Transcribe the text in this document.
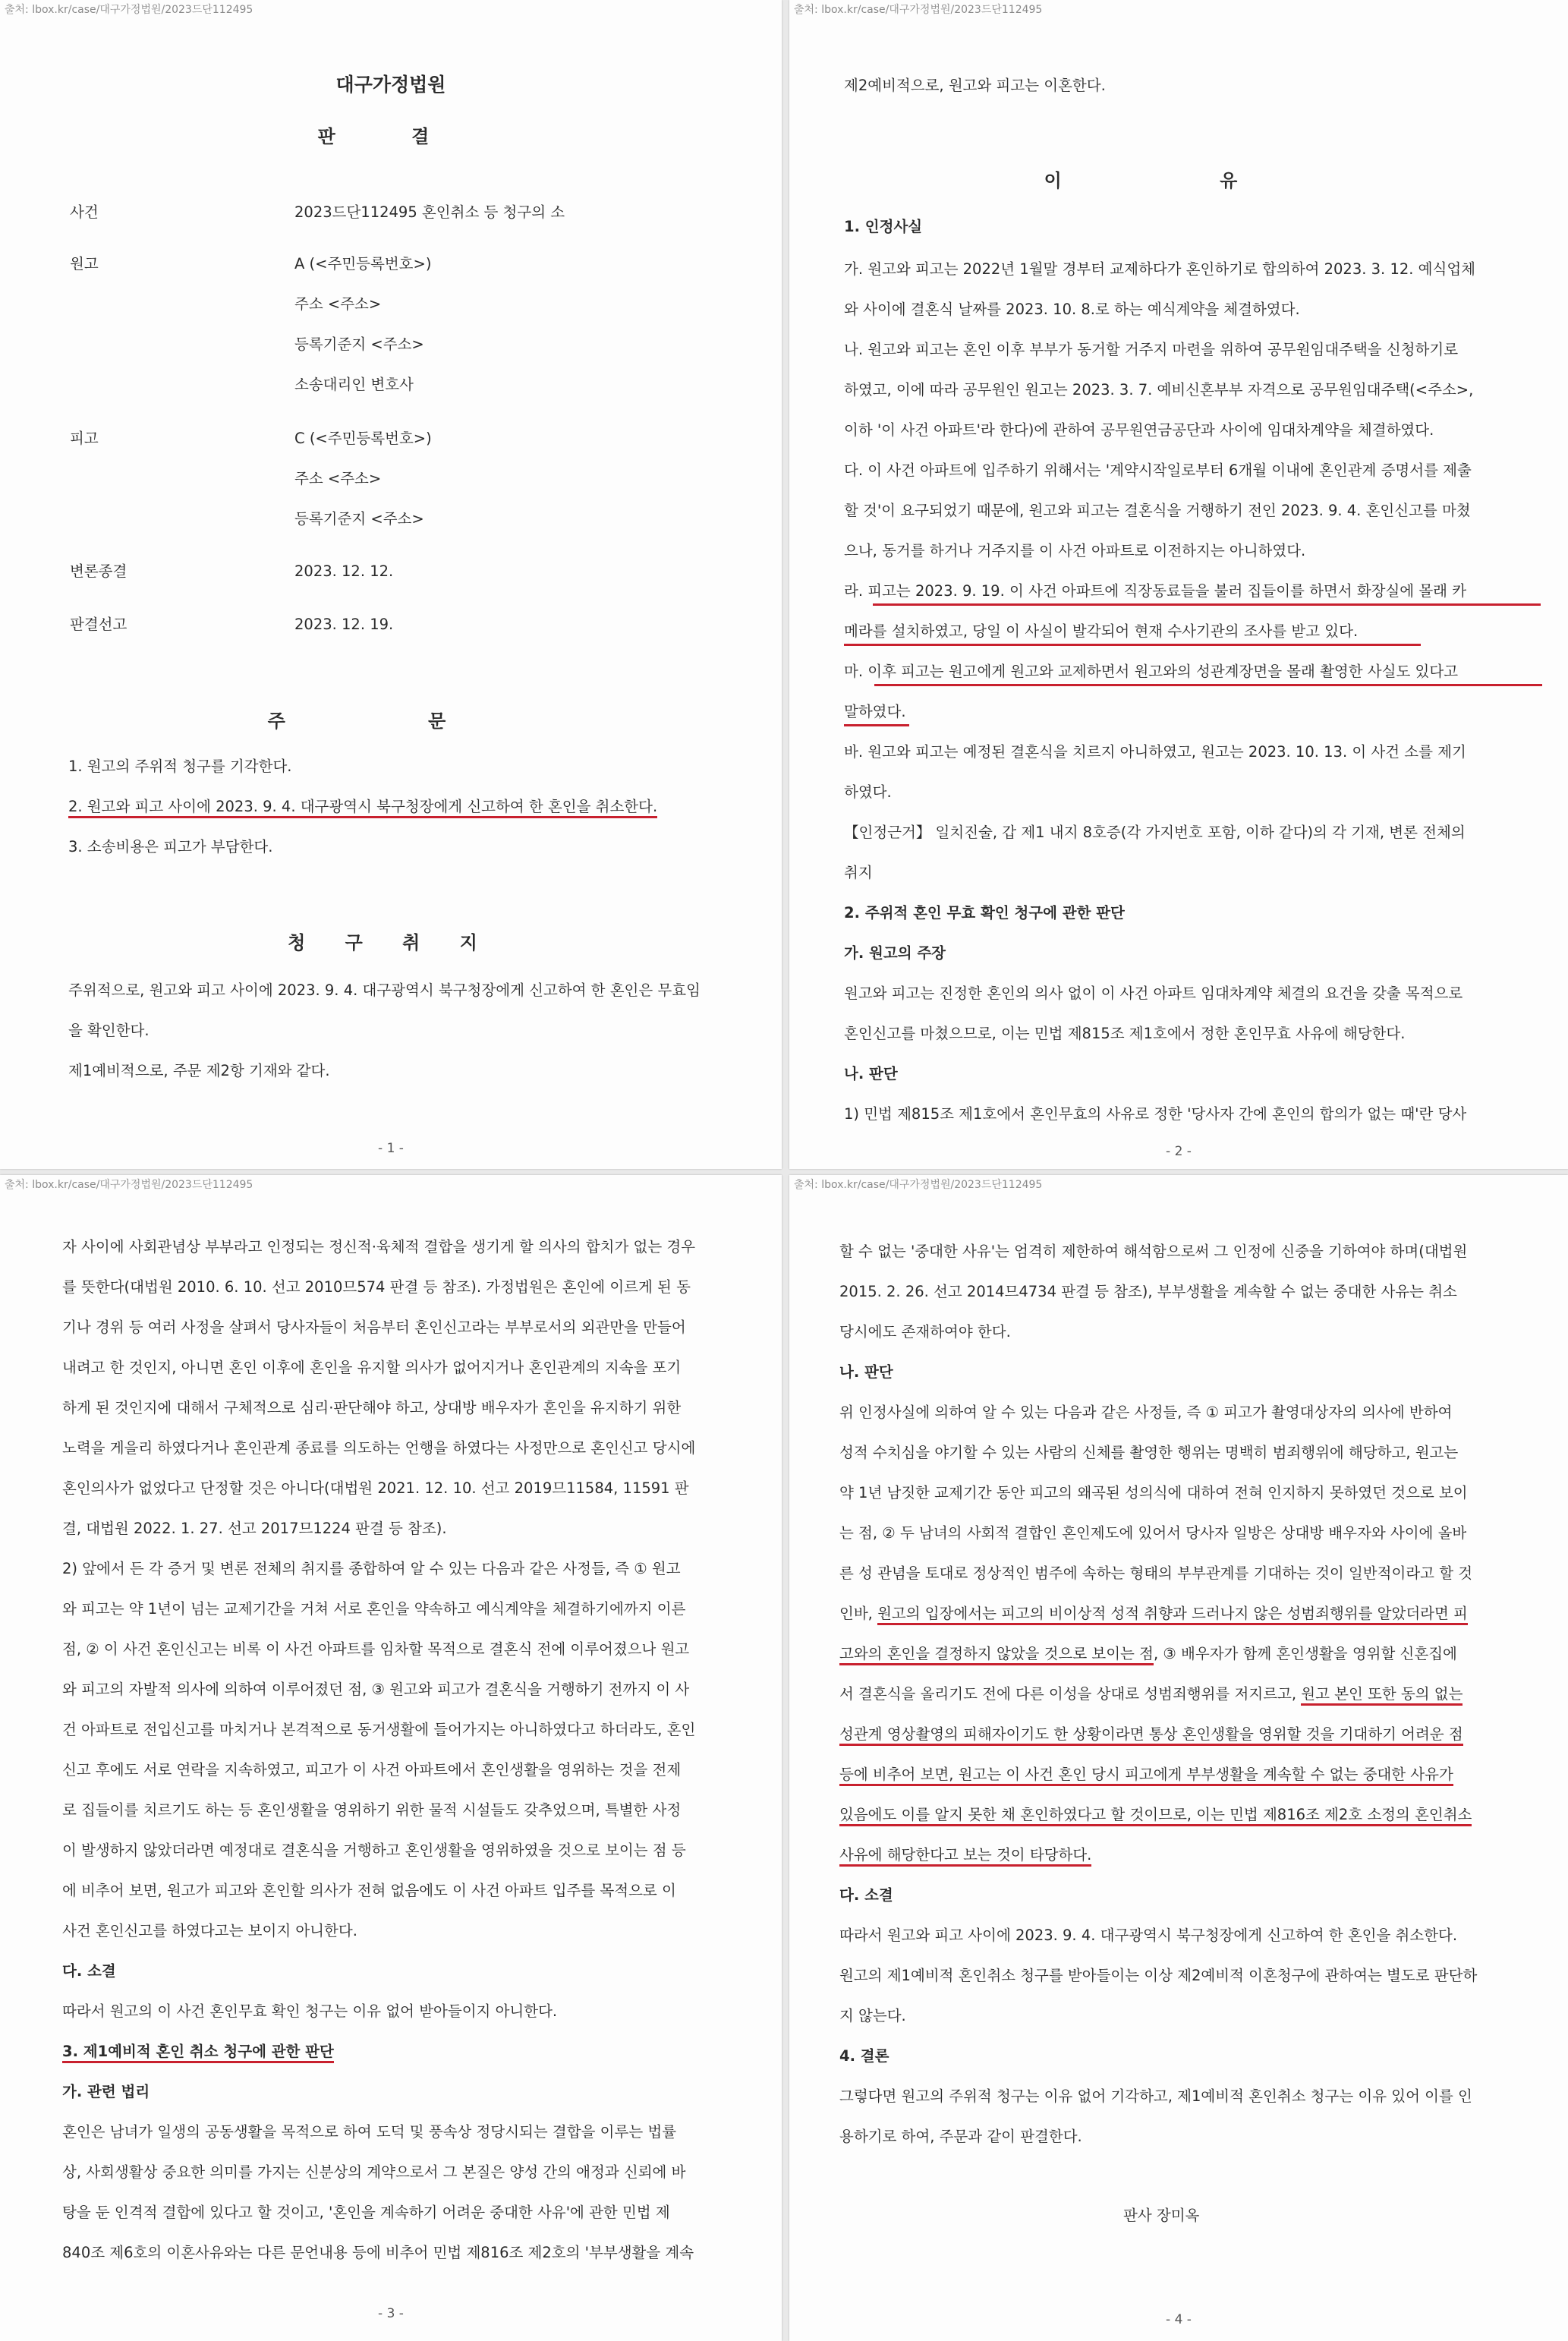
출처: lbox.kr/case/대구가정법원/2023드단112495
대구가정법원
판 결
사건	2023드단112495 혼인취소 등 청구의 소
원고	A (<주민등록번호>)
주소 <주소>
등록기준지 <주소>
소송대리인 변호사
피고	C (<주민등록번호>)
주소 <주소>
등록기준지 <주소>
변론종결	2023. 12. 12.
판결선고	2023. 12. 19.
주 문
1. 원고의 주위적 청구를 기각한다.
2. 원고와 피고 사이에 2023. 9. 4. 대구광역시 북구청장에게 신고하여 한 혼인을 취소한다.
3. 소송비용은 피고가 부담한다.
청 구 취 지
주위적으로, 원고와 피고 사이에 2023. 9. 4. 대구광역시 북구청장에게 신고하여 한 혼인은 무효임
을 확인한다.
제1예비적으로, 주문 제2항 기재와 같다.
- 1 -
출처: lbox.kr/case/대구가정법원/2023드단112495
제2예비적으로, 원고와 피고는 이혼한다.
이 유
1. 인정사실
가. 원고와 피고는 2022년 1월말 경부터 교제하다가 혼인하기로 합의하여 2023. 3. 12. 예식업체
와 사이에 결혼식 날짜를 2023. 10. 8.로 하는 예식계약을 체결하였다.
나. 원고와 피고는 혼인 이후 부부가 동거할 거주지 마련을 위하여 공무원임대주택을 신청하기로
하였고, 이에 따라 공무원인 원고는 2023. 3. 7. 예비신혼부부 자격으로 공무원임대주택(<주소>,
이하 '이 사건 아파트'라 한다)에 관하여 공무원연금공단과 사이에 임대차계약을 체결하였다.
다. 이 사건 아파트에 입주하기 위해서는 '계약시작일로부터 6개월 이내에 혼인관계 증명서를 제출
할 것'이 요구되었기 때문에, 원고와 피고는 결혼식을 거행하기 전인 2023. 9. 4. 혼인신고를 마쳤
으나, 동거를 하거나 거주지를 이 사건 아파트로 이전하지는 아니하였다.
라. 피고는 2023. 9. 19. 이 사건 아파트에 직장동료들을 불러 집들이를 하면서 화장실에 몰래 카
메라를 설치하였고, 당일 이 사실이 발각되어 현재 수사기관의 조사를 받고 있다.
마. 이후 피고는 원고에게 원고와 교제하면서 원고와의 성관계장면을 몰래 촬영한 사실도 있다고
말하였다.
바. 원고와 피고는 예정된 결혼식을 치르지 아니하였고, 원고는 2023. 10. 13. 이 사건 소를 제기
하였다.
【인정근거】 일치진술, 갑 제1 내지 8호증(각 가지번호 포함, 이하 같다)의 각 기재, 변론 전체의
취지
2. 주위적 혼인 무효 확인 청구에 관한 판단
가. 원고의 주장
원고와 피고는 진정한 혼인의 의사 없이 이 사건 아파트 임대차계약 체결의 요건을 갖출 목적으로
혼인신고를 마쳤으므로, 이는 민법 제815조 제1호에서 정한 혼인무효 사유에 해당한다.
나. 판단
1) 민법 제815조 제1호에서 혼인무효의 사유로 정한 '당사자 간에 혼인의 합의가 없는 때'란 당사
- 2 -
출처: lbox.kr/case/대구가정법원/2023드단112495
자 사이에 사회관념상 부부라고 인정되는 정신적·육체적 결합을 생기게 할 의사의 합치가 없는 경우
를 뜻한다(대법원 2010. 6. 10. 선고 2010므574 판결 등 참조). 가정법원은 혼인에 이르게 된 동
기나 경위 등 여러 사정을 살펴서 당사자들이 처음부터 혼인신고라는 부부로서의 외관만을 만들어
내려고 한 것인지, 아니면 혼인 이후에 혼인을 유지할 의사가 없어지거나 혼인관계의 지속을 포기
하게 된 것인지에 대해서 구체적으로 심리·판단해야 하고, 상대방 배우자가 혼인을 유지하기 위한
노력을 게을리 하였다거나 혼인관계 종료를 의도하는 언행을 하였다는 사정만으로 혼인신고 당시에
혼인의사가 없었다고 단정할 것은 아니다(대법원 2021. 12. 10. 선고 2019므11584, 11591 판
결, 대법원 2022. 1. 27. 선고 2017므1224 판결 등 참조).
2) 앞에서 든 각 증거 및 변론 전체의 취지를 종합하여 알 수 있는 다음과 같은 사정들, 즉 ① 원고
와 피고는 약 1년이 넘는 교제기간을 거쳐 서로 혼인을 약속하고 예식계약을 체결하기에까지 이른
점, ② 이 사건 혼인신고는 비록 이 사건 아파트를 임차할 목적으로 결혼식 전에 이루어졌으나 원고
와 피고의 자발적 의사에 의하여 이루어졌던 점, ③ 원고와 피고가 결혼식을 거행하기 전까지 이 사
건 아파트로 전입신고를 마치거나 본격적으로 동거생활에 들어가지는 아니하였다고 하더라도, 혼인
신고 후에도 서로 연락을 지속하였고, 피고가 이 사건 아파트에서 혼인생활을 영위하는 것을 전제
로 집들이를 치르기도 하는 등 혼인생활을 영위하기 위한 물적 시설들도 갖추었으며, 특별한 사정
이 발생하지 않았더라면 예정대로 결혼식을 거행하고 혼인생활을 영위하였을 것으로 보이는 점 등
에 비추어 보면, 원고가 피고와 혼인할 의사가 전혀 없음에도 이 사건 아파트 입주를 목적으로 이
사건 혼인신고를 하였다고는 보이지 아니한다.
다. 소결
따라서 원고의 이 사건 혼인무효 확인 청구는 이유 없어 받아들이지 아니한다.
3. 제1예비적 혼인 취소 청구에 관한 판단
가. 관련 법리
혼인은 남녀가 일생의 공동생활을 목적으로 하여 도덕 및 풍속상 정당시되는 결합을 이루는 법률
상, 사회생활상 중요한 의미를 가지는 신분상의 계약으로서 그 본질은 양성 간의 애정과 신뢰에 바
탕을 둔 인격적 결합에 있다고 할 것이고, '혼인을 계속하기 어려운 중대한 사유'에 관한 민법 제
840조 제6호의 이혼사유와는 다른 문언내용 등에 비추어 민법 제816조 제2호의 '부부생활을 계속
- 3 -
출처: lbox.kr/case/대구가정법원/2023드단112495
할 수 없는 '중대한 사유'는 엄격히 제한하여 해석함으로써 그 인정에 신중을 기하여야 하며(대법원
2015. 2. 26. 선고 2014므4734 판결 등 참조), 부부생활을 계속할 수 없는 중대한 사유는 취소
당시에도 존재하여야 한다.
나. 판단
위 인정사실에 의하여 알 수 있는 다음과 같은 사정들, 즉 ① 피고가 촬영대상자의 의사에 반하여
성적 수치심을 야기할 수 있는 사람의 신체를 촬영한 행위는 명백히 범죄행위에 해당하고, 원고는
약 1년 남짓한 교제기간 동안 피고의 왜곡된 성의식에 대하여 전혀 인지하지 못하였던 것으로 보이
는 점, ② 두 남녀의 사회적 결합인 혼인제도에 있어서 당사자 일방은 상대방 배우자와 사이에 올바
른 성 관념을 토대로 정상적인 범주에 속하는 형태의 부부관계를 기대하는 것이 일반적이라고 할 것
인바, 원고의 입장에서는 피고의 비이상적 성적 취향과 드러나지 않은 성범죄행위를 알았더라면 피
고와의 혼인을 결정하지 않았을 것으로 보이는 점, ③ 배우자가 함께 혼인생활을 영위할 신혼집에
서 결혼식을 올리기도 전에 다른 이성을 상대로 성범죄행위를 저지르고, 원고 본인 또한 동의 없는
성관계 영상촬영의 피해자이기도 한 상황이라면 통상 혼인생활을 영위할 것을 기대하기 어려운 점
등에 비추어 보면, 원고는 이 사건 혼인 당시 피고에게 부부생활을 계속할 수 없는 중대한 사유가
있음에도 이를 알지 못한 채 혼인하였다고 할 것이므로, 이는 민법 제816조 제2호 소정의 혼인취소
사유에 해당한다고 보는 것이 타당하다.
다. 소결
따라서 원고와 피고 사이에 2023. 9. 4. 대구광역시 북구청장에게 신고하여 한 혼인을 취소한다.
원고의 제1예비적 혼인취소 청구를 받아들이는 이상 제2예비적 이혼청구에 관하여는 별도로 판단하
지 않는다.
4. 결론
그렇다면 원고의 주위적 청구는 이유 없어 기각하고, 제1예비적 혼인취소 청구는 이유 있어 이를 인
용하기로 하여, 주문과 같이 판결한다.
판사 장미옥
- 4 -
